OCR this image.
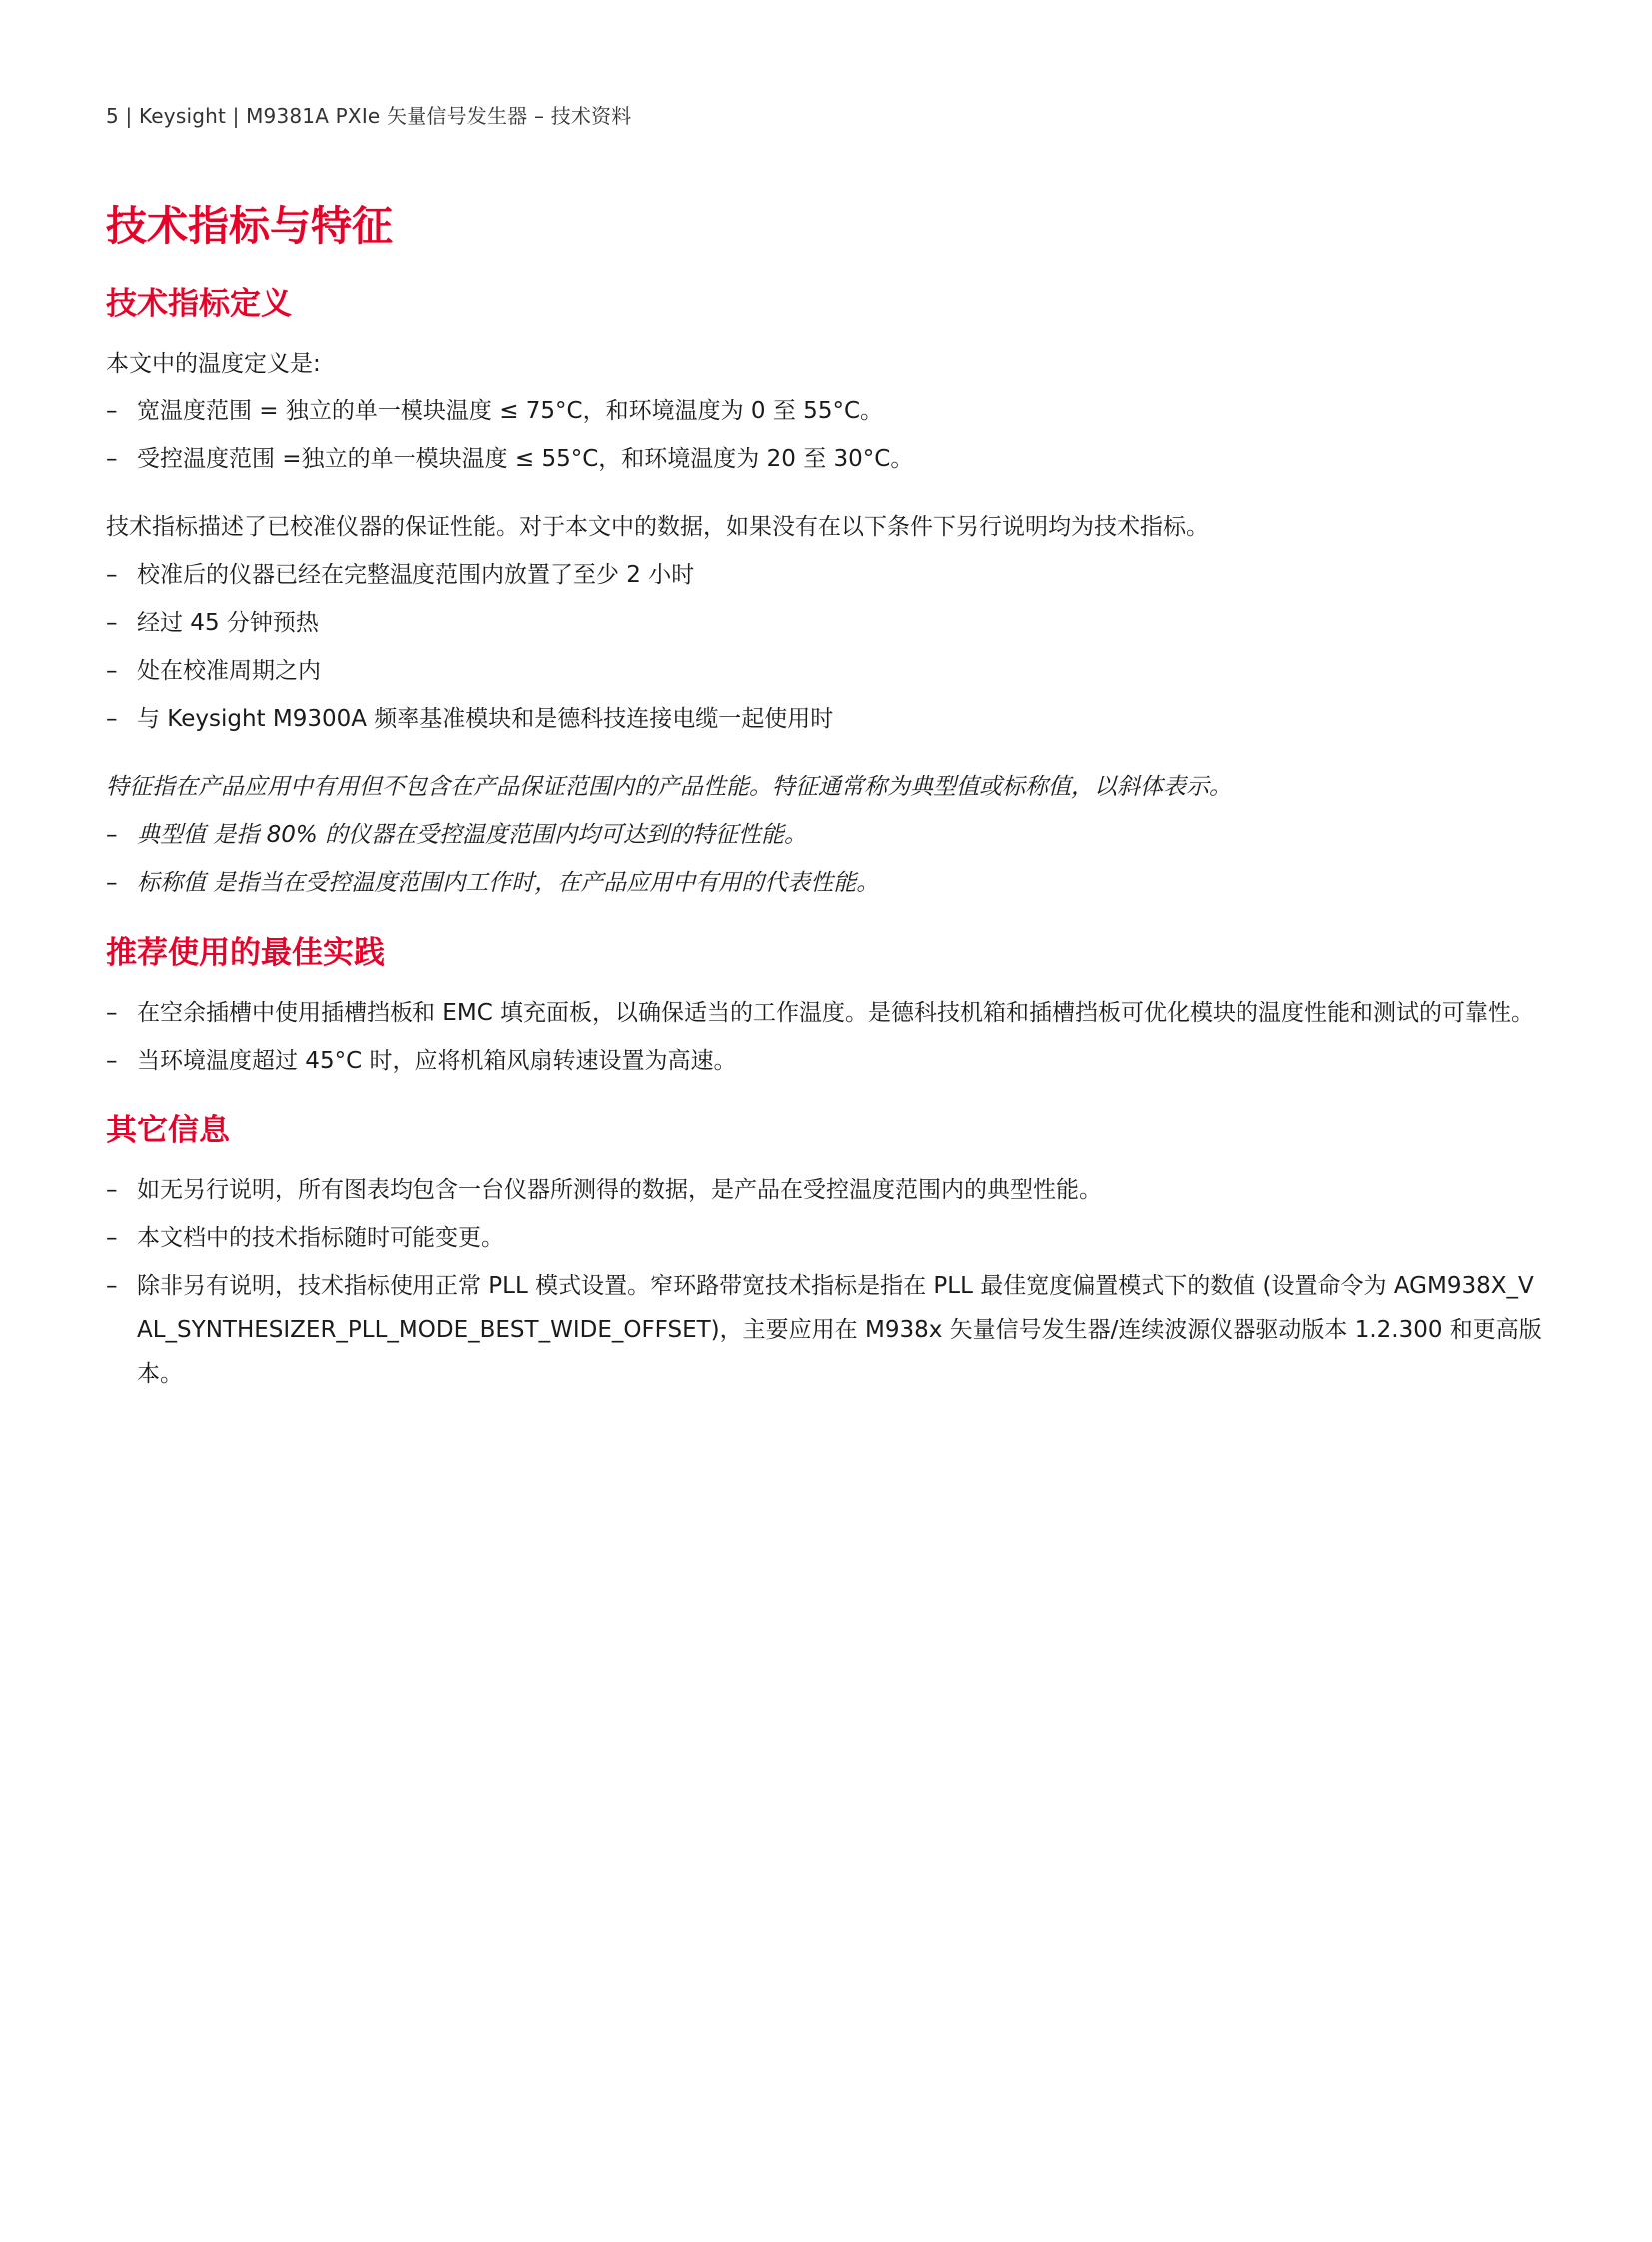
5 | Keysight | M9381A PXIe 矢量信号发生器 – 技术资料
技术指标与特征
技术指标定义

本文中的温度定义是:

– 宽温度范围 = 独立的单一模块温度 ≤ 75°C，和环境温度为 0 至 55°C。
– 受控温度范围 =独立的单一模块温度 ≤ 55°C，和环境温度为 20 至 30°C。

技术指标描述了已校准仪器的保证性能。对于本文中的数据，如果没有在以下条件下另行说明均为技术指标。

– 校准后的仪器已经在完整温度范围内放置了至少 2 小时
– 经过 45 分钟预热
– 处在校准周期之内
– 与 Keysight M9300A 频率基准模块和是德科技连接电缆一起使用时

特征指在产品应用中有用但不包含在产品保证范围内的产品性能。特征通常称为典型值或标称值，以斜体表示。

– 典型值 是指 80% 的仪器在受控温度范围内均可达到的特征性能。
– 标称值 是指当在受控温度范围内工作时，在产品应用中有用的代表性能。
推荐使用的最佳实践
– 在空余插槽中使用插槽挡板和 EMC 填充面板，以确保适当的工作温度。是德科技机箱和插槽挡板可优化模块的温度性能和测试的可靠性。
– 当环境温度超过 45°C 时，应将机箱风扇转速设置为高速。
其它信息
– 如无另行说明，所有图表均包含一台仪器所测得的数据，是产品在受控温度范围内的典型性能。
– 本文档中的技术指标随时可能变更。
– 除非另有说明，技术指标使用正常 PLL 模式设置。窄环路带宽技术指标是指在 PLL 最佳宽度偏置模式下的数值 (设置命令为 AGM938X_VAL_SYNTHESIZER_PLL_MODE_BEST_WIDE_OFFSET)，主要应用在 M938x 矢量信号发生器/连续波源仪器驱动版本 1.2.300 和更高版本。
